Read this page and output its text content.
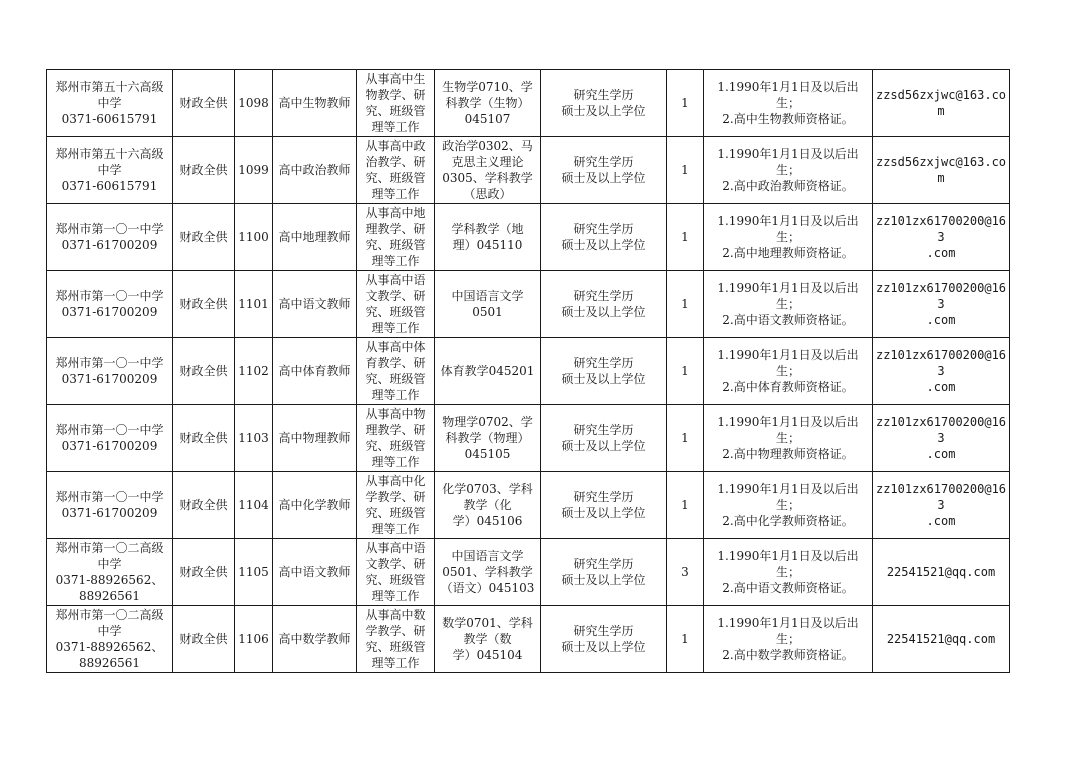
郑州市第五十六高级
中学
0371-60615791	财政全供	1098	高中生物教师	从事高中生
物教学、研
究、班级管
理等工作	生物学0710、学
科教学（生物）
045107	研究生学历
硕士及以上学位	1	1.1990年1月1日及以后出
生；
2.高中生物教师资格证。	zzsd56zxjwc@163.com

郑州市第五十六高级
中学
0371-60615791	财政全供	1099	高中政治教师	从事高中政
治教学、研
究、班级管
理等工作	政治学0302、马
克思主义理论
0305、学科教学
（思政）	研究生学历
硕士及以上学位	1	1.1990年1月1日及以后出
生；
2.高中政治教师资格证。	zzsd56zxjwc@163.com

郑州市第一〇一中学
0371-61700209	财政全供	1100	高中地理教师	从事高中地
理教学、研
究、班级管
理等工作	学科教学（地
理）045110	研究生学历
硕士及以上学位	1	1.1990年1月1日及以后出
生；
2.高中地理教师资格证。	zz101zx61700200@163
.com

郑州市第一〇一中学
0371-61700209	财政全供	1101	高中语文教师	从事高中语
文教学、研
究、班级管
理等工作	中国语言文学
0501	研究生学历
硕士及以上学位	1	1.1990年1月1日及以后出
生；
2.高中语文教师资格证。	zz101zx61700200@163
.com

郑州市第一〇一中学
0371-61700209	财政全供	1102	高中体育教师	从事高中体
育教学、研
究、班级管
理等工作	体育教学045201	研究生学历
硕士及以上学位	1	1.1990年1月1日及以后出
生；
2.高中体育教师资格证。	zz101zx61700200@163
.com

郑州市第一〇一中学
0371-61700209	财政全供	1103	高中物理教师	从事高中物
理教学、研
究、班级管
理等工作	物理学0702、学
科教学（物理）
045105	研究生学历
硕士及以上学位	1	1.1990年1月1日及以后出
生；
2.高中物理教师资格证。	zz101zx61700200@163
.com

郑州市第一〇一中学
0371-61700209	财政全供	1104	高中化学教师	从事高中化
学教学、研
究、班级管
理等工作	化学0703、学科
教学（化
学）045106	研究生学历
硕士及以上学位	1	1.1990年1月1日及以后出
生；
2.高中化学教师资格证。	zz101zx61700200@163
.com

郑州市第一〇二高级
中学
0371-88926562、
88926561	财政全供	1105	高中语文教师	从事高中语
文教学、研
究、班级管
理等工作	中国语言文学
0501、学科教学
（语文）045103	研究生学历
硕士及以上学位	3	1.1990年1月1日及以后出
生；
2.高中语文教师资格证。	22541521@qq.com

郑州市第一〇二高级
中学
0371-88926562、
88926561	财政全供	1106	高中数学教师	从事高中数
学教学、研
究、班级管
理等工作	数学0701、学科
教学（数
学）045104	研究生学历
硕士及以上学位	1	1.1990年1月1日及以后出
生；
2.高中数学教师资格证。	22541521@qq.com
